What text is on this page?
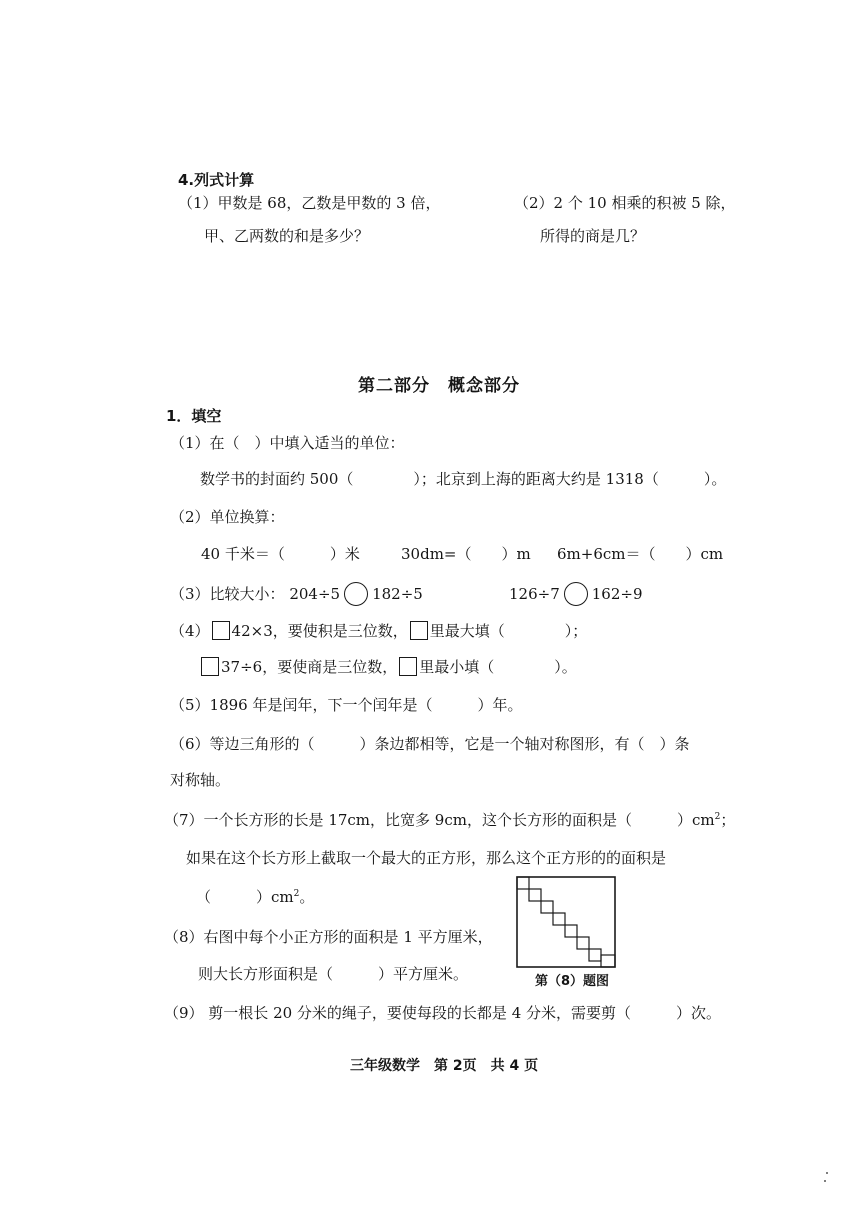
4.列式计算
（1）甲数是 68，乙数是甲数的 3 倍，
甲、乙两数的和是多少？
（2）2 个 10 相乘的积被 5 除，
所得的商是几？
第二部分　概念部分
1．填空
（1）在（　）中填入适当的单位：
数学书的封面约 500（　　　　）；北京到上海的距离大约是 1318（　　　）。
（2）单位换算：
40 千米＝（　　　）米	30dm=（　　）m 6m+6cm＝（　　）cm
（3）比较大小： 204÷5 182÷5	126÷7 162÷9
（4） 42×3，要使积是三位数， 里最大填（　　　　）；
37÷6，要使商是三位数， 里最小填（　　　　）。
（5）1896 年是闰年，下一个闰年是（　　　）年。
（6）等边三角形的（　　　）条边都相等，它是一个轴对称图形，有（　）条
对称轴。
（7）一个长方形的长是 17cm，比宽多 9cm，这个长方形的面积是（　　　）$cm^2$；
如果在这个长方形上截取一个最大的正方形，那么这个正方形的的面积是
（　　　）$cm^2$。
（8）右图中每个小正方形的面积是 1 平方厘米，
则大长方形面积是（　　　）平方厘米。	第（8）题图
（9） 剪一根长 20 分米的绳子，要使每段的长都是 4 分米，需要剪（　　　）次。
三年级数学　第 2页　共 4 页
